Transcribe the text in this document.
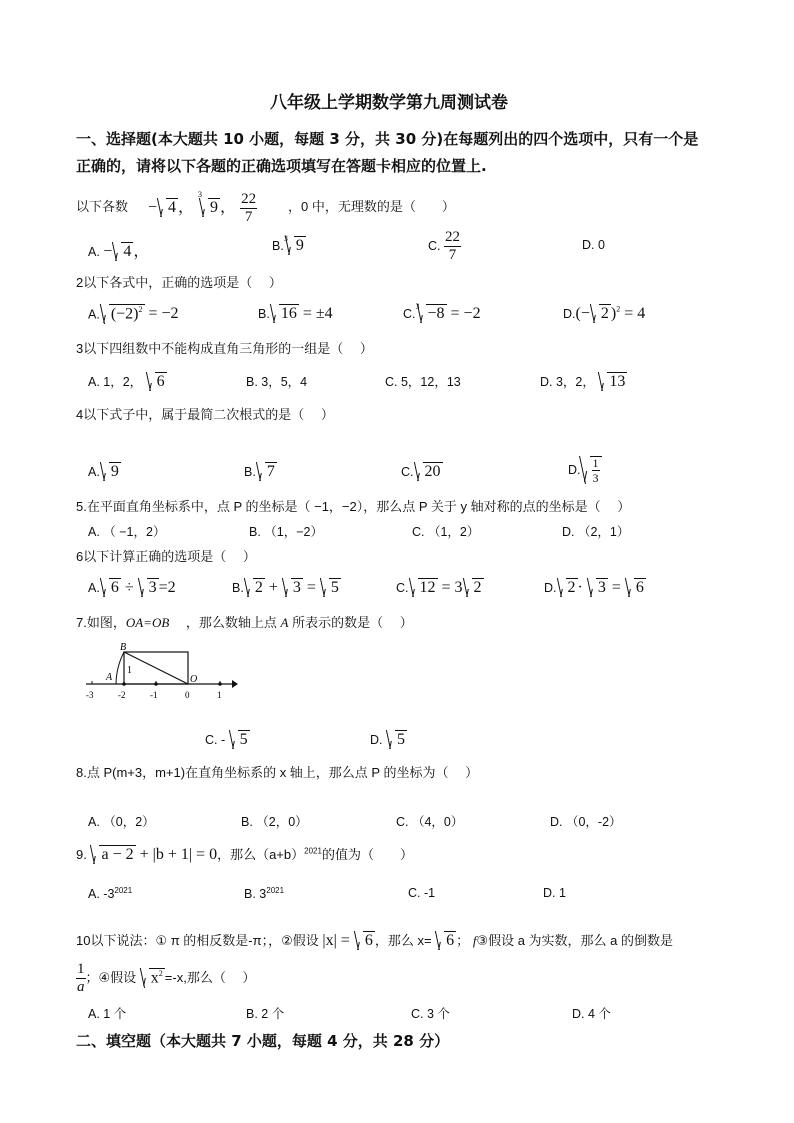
八年级上学期数学第九周测试卷
一、选择题(本大题共 10 小题，每题 3 分，共 30 分)在每题列出的四个选项中，只有一个是
正确的，请将以下各题的正确选项填写在答题卡相应的位置上.
以下各数 − 4 ， $^3$
9 ， $\frac{22}{7}$ ，0 中，无理数的是（　　）
A. − 4 ，	B.$^3$ 9	C. $\frac{22}{7}$	D. 0
2以下各式中，正确的选项是（　 ）
A. $(-2)^2 = -2$	B. 16 = ±4	C.$^3$ −8 = −2	D.(− 2 )$^2$ = 4
3以下四组数中不能构成直角三角形的一组是（　 ）
A. 1，2， 6	B. 3，5，4	C. 5，12，13	D. 3，2， 13
4以下式子中，属于最简二次根式的是（　 ）
A. 9	B. 7	C. 20	D. $\frac{1}{3}$
5.在平面直角坐标系中，点 P 的坐标是（ −1，−2），那么点 P 关于 y 轴对称的点的坐标是（　 ）
A. （ −1，2）	B. （1，−2）	C. （1，2）	D. （2，1）
6以下计算正确的选项是（　 ）
A. 6 ÷
3 =2	B. 2 +
3 =
5	C. 12 = 3 2	D. 2 ·
3 =
6
7.如图，OA=OB　 ，那么数轴上点 A 所表示的数是（　 ）
B
A	O
1
-3	-2	-1	0	1
C. - 5	D. 5
8.点 P(m+3，m+1)在直角坐标系的 x 轴上，那么点 P 的坐标为（　 ）
A. （0，2）	B. （2，0）	C. （4，0）	D. （0，-2）
9. a − 2 + |b + 1| = 0，那么$(a+b)^{2021}$的值为（　　）
A. $-3^{2021}$	B. $3^{2021}$	C. -1	D. 1
10以下说法：① π 的相反数是-π；，②假设 |x| =
6 ，那么 x= 6 ； f③假设 a 为实数，那么 a 的倒数是
$\frac{1}{a}$ ；④假设 $x^2 =-x$,那么（　 ）
A. 1 个	B. 2 个	C. 3 个	D. 4 个
二、填空题（本大题共 7 小题，每题 4 分，共 28 分）
